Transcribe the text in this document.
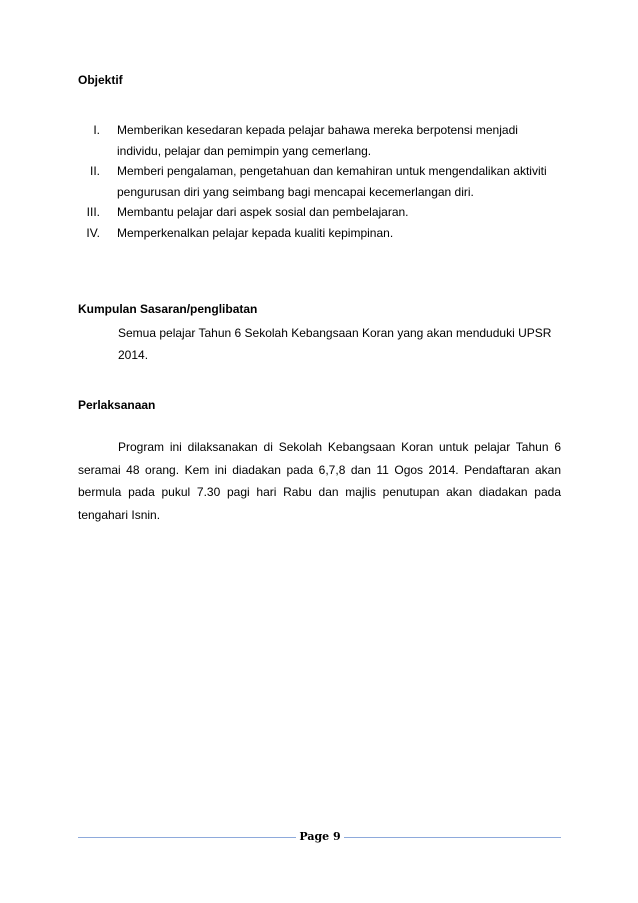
Objektif
I. Memberikan kesedaran kepada pelajar bahawa mereka berpotensi menjadi individu, pelajar dan pemimpin yang cemerlang.
II. Memberi pengalaman, pengetahuan dan kemahiran untuk mengendalikan aktiviti pengurusan diri yang seimbang bagi mencapai kecemerlangan diri.
III. Membantu pelajar dari aspek sosial dan pembelajaran.
IV. Memperkenalkan pelajar kepada kualiti kepimpinan.
Kumpulan Sasaran/penglibatan
Semua pelajar Tahun 6 Sekolah Kebangsaan Koran yang akan menduduki UPSR 2014.
Perlaksanaan
Program ini dilaksanakan di Sekolah Kebangsaan Koran untuk pelajar Tahun 6 seramai 48 orang. Kem ini diadakan pada 6,7,8 dan 11 Ogos 2014. Pendaftaran akan bermula pada pukul 7.30 pagi hari Rabu dan majlis penutupan akan diadakan pada tengahari Isnin.
Page 9
